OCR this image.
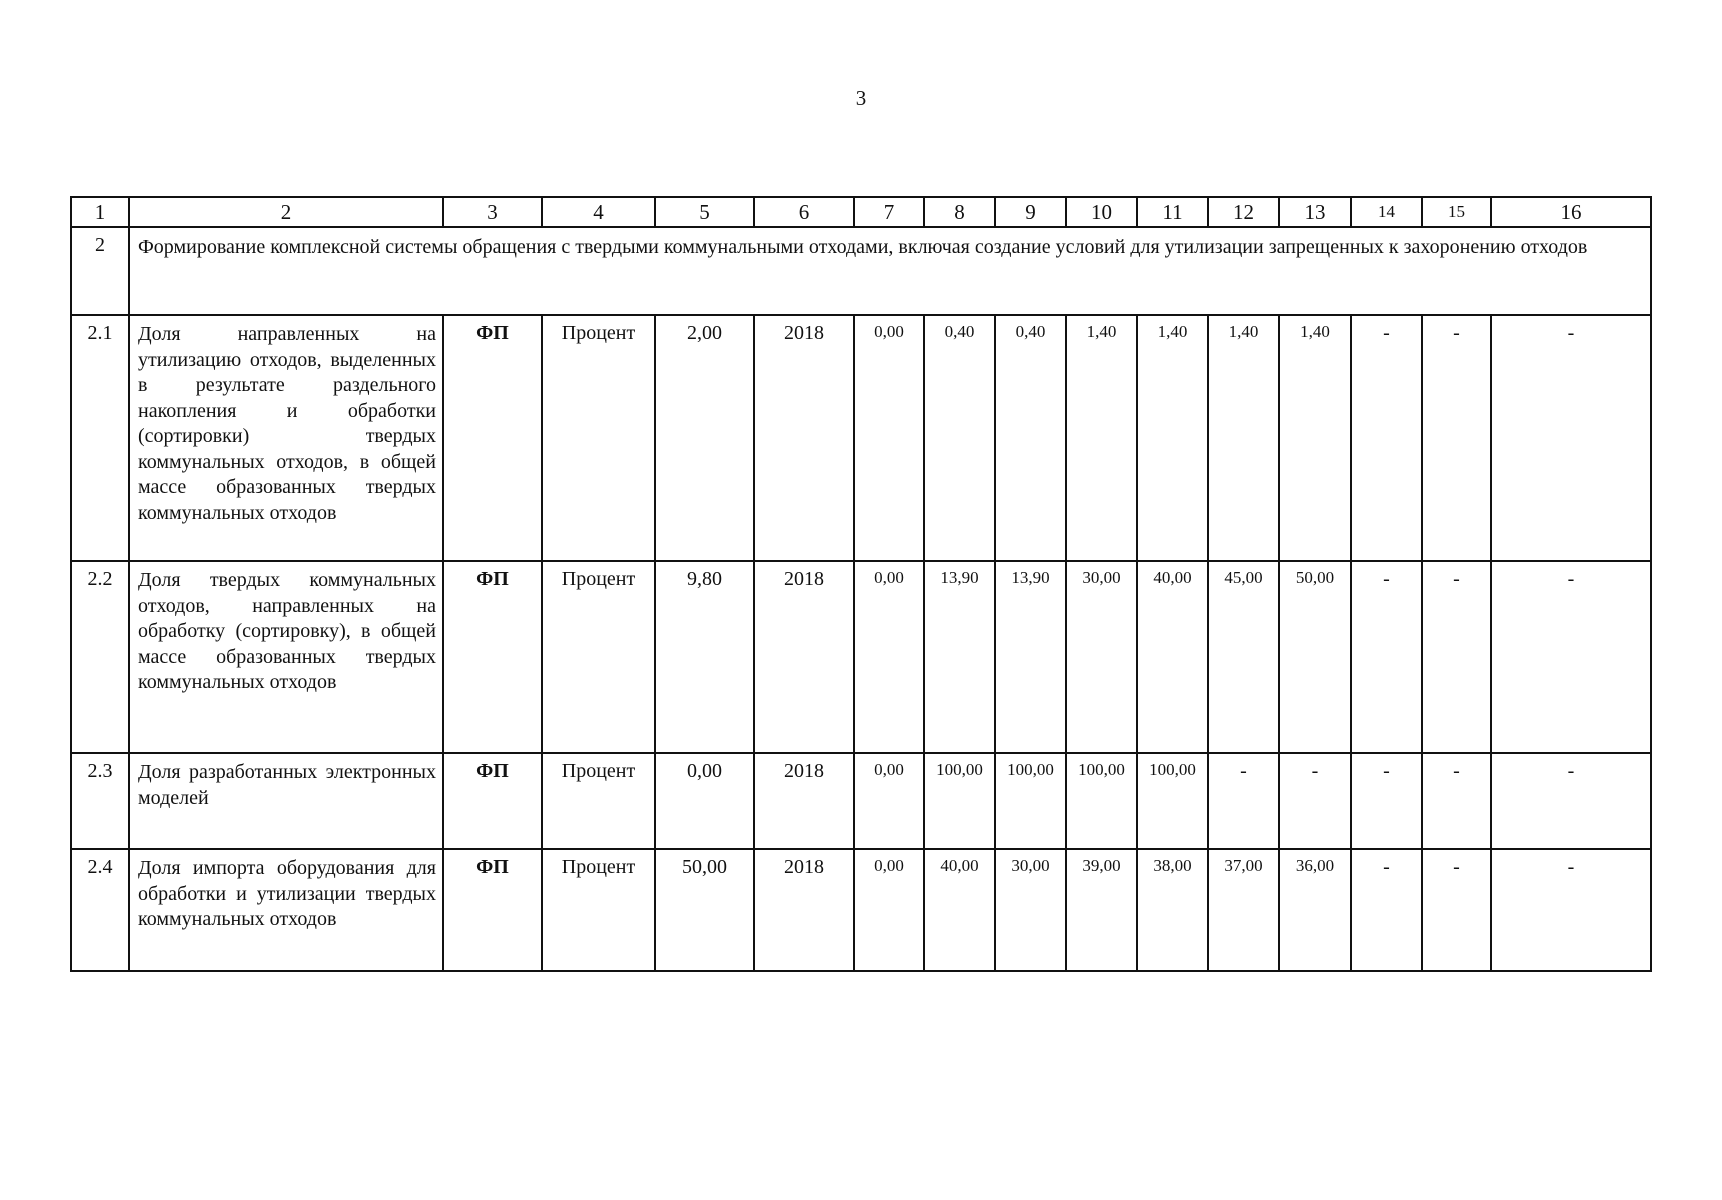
3
1	2	3	4	5	6	7	8	9	10	11	12	13	14	15	16
2	Формирование комплексной системы обращения с твердыми коммунальными отходами, включая создание условий для утилизации запрещенных к захоронению отходов														
2.1	Доля направленных на утилизацию отходов, выделенных в результате раздельного накопления и обработки (сортировки) твердых коммунальных отходов, в общей массе образованных твердых коммунальных отходов	ФП	Процент	2,00	2018	0,00	0,40	0,40	1,40	1,40	1,40	1,40	-	-	-
2.2	Доля твердых коммунальных отходов, направленных на обработку (сортировку), в общей массе образованных твердых коммунальных отходов	ФП	Процент	9,80	2018	0,00	13,90	13,90	30,00	40,00	45,00	50,00	-	-	-
2.3	Доля разработанных электронных моделей	ФП	Процент	0,00	2018	0,00	100,00	100,00	100,00	100,00	-	-	-	-	-
2.4	Доля импорта оборудования для обработки и утилизации твердых коммунальных отходов	ФП	Процент	50,00	2018	0,00	40,00	30,00	39,00	38,00	37,00	36,00	-	-	-
